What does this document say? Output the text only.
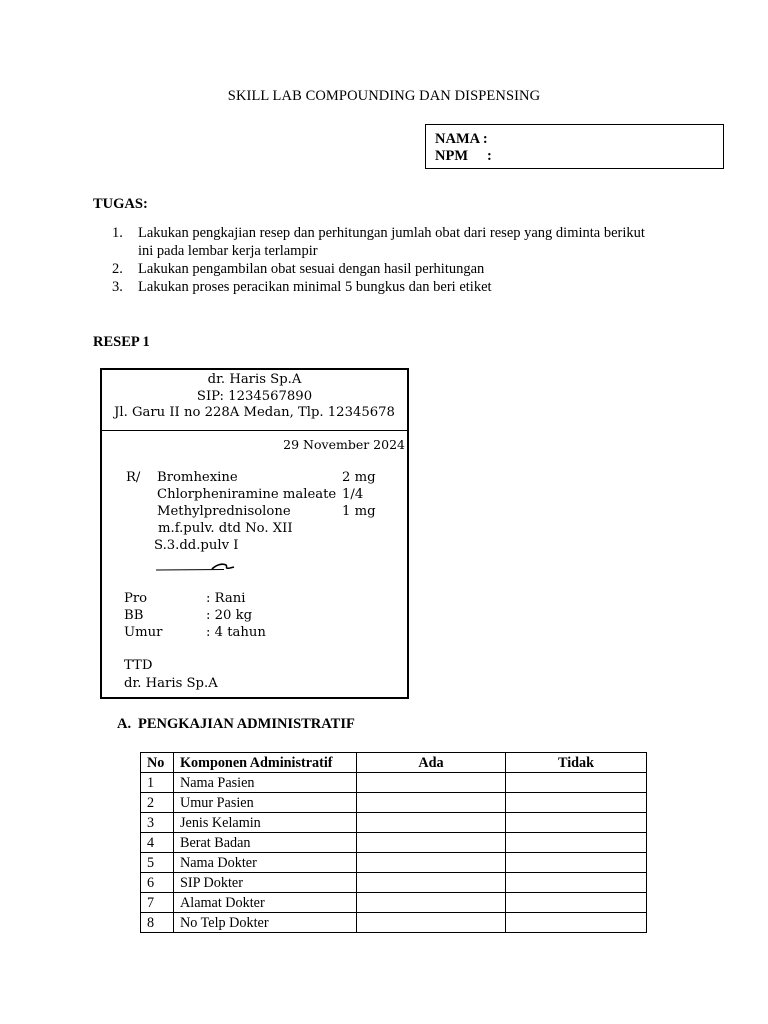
SKILL LAB COMPOUNDING DAN DISPENSING
NAMA :
NPM :
TUGAS:
1.	Lakukan pengkajian resep dan perhitungan jumlah obat dari resep yang diminta berikut ini pada lembar kerja terlampir
2.	Lakukan pengambilan obat sesuai dengan hasil perhitungan
3.	Lakukan proses peracikan minimal 5 bungkus dan beri etiket
RESEP 1
dr. Haris Sp.A
SIP: 1234567890
Jl. Garu II no 228A Medan, Tlp. 12345678
29 November 2024
R/ Bromhexine	2 mg
Chlorpheniramine maleate 1/4
Methylprednisolone	1 mg
m.f.pulv. dtd No. XII
S.3.dd.pulv I
Pro	: Rani
BB	: 20 kg
Umur	: 4 tahun
TTD
dr. Haris Sp.A
A. PENGKAJIAN ADMINISTRATIF
No	Komponen Administratif	Ada	Tidak
1	Nama Pasien		
2	Umur Pasien		
3	Jenis Kelamin		
4	Berat Badan		
5	Nama Dokter		
6	SIP Dokter		
7	Alamat Dokter		
8	No Telp Dokter		
